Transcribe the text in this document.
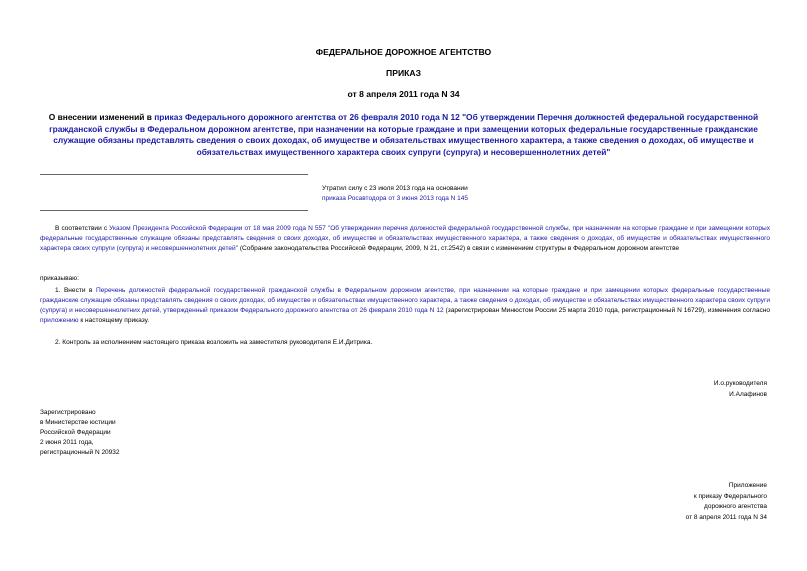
ФЕДЕРАЛЬНОЕ ДОРОЖНОЕ АГЕНТСТВО
ПРИКАЗ
от 8 апреля 2011 года N 34
О внесении изменений в приказ Федерального дорожного агентства от 26 февраля 2010 года N 12 "Об утверждении Перечня должностей федеральной государственной гражданской службы в Федеральном дорожном агентстве, при назначении на которые граждане и при замещении которых федеральные государственные гражданские служащие обязаны представлять сведения о своих доходах, об имуществе и обязательствах имущественного характера, а также сведения о доходах, об имуществе и обязательствах имущественного характера своих супруги (супруга) и несовершеннолетних детей"
Утратил силу с 23 июля 2013 года на основании
приказа Росавтодора от 3 июня 2013 года N 145
В соответствии с Указом Президента Российской Федерации от 18 мая 2009 года N 557 "Об утверждении перечня должностей федеральной государственной службы, при назначении на которые граждане и при замещении которых федеральные государственные служащие обязаны представлять сведения о своих доходах, об имуществе и обязательствах имущественного характера, а также сведения о доходах, об имуществе и обязательствах имущественного характера своих супруги (супруга) и несовершеннолетних детей" (Собрание законодательства Российской Федерации, 2009, N 21, ст.2542) в связи с изменением структуры в Федеральном дорожном агентстве
приказываю:
1. Внести в Перечень должностей федеральной государственной гражданской службы в Федеральном дорожном агентстве, при назначении на которые граждане и при замещении которых федеральные государственные гражданские служащие обязаны представлять сведения о своих доходах, об имуществе и обязательствах имущественного характера, а также сведения о доходах, об имуществе и обязательствах имущественного характера своих супруги (супруга) и несовершеннолетних детей, утвержденный приказом Федерального дорожного агентства от 26 февраля 2010 года N 12 (зарегистрирован Минюстом России 25 марта 2010 года, регистрационный N 16729), изменения согласно приложению к настоящему приказу.
2. Контроль за исполнением настоящего приказа возложить на заместителя руководителя Е.И.Дитрика.
И.о.руководителя
И.Алафинов
Зарегистрировано
в Министерстве юстиции
Российской Федерации
2 июня 2011 года,
регистрационный N 20932
Приложение
к приказу Федерального
дорожного агентства
от 8 апреля 2011 года N 34
